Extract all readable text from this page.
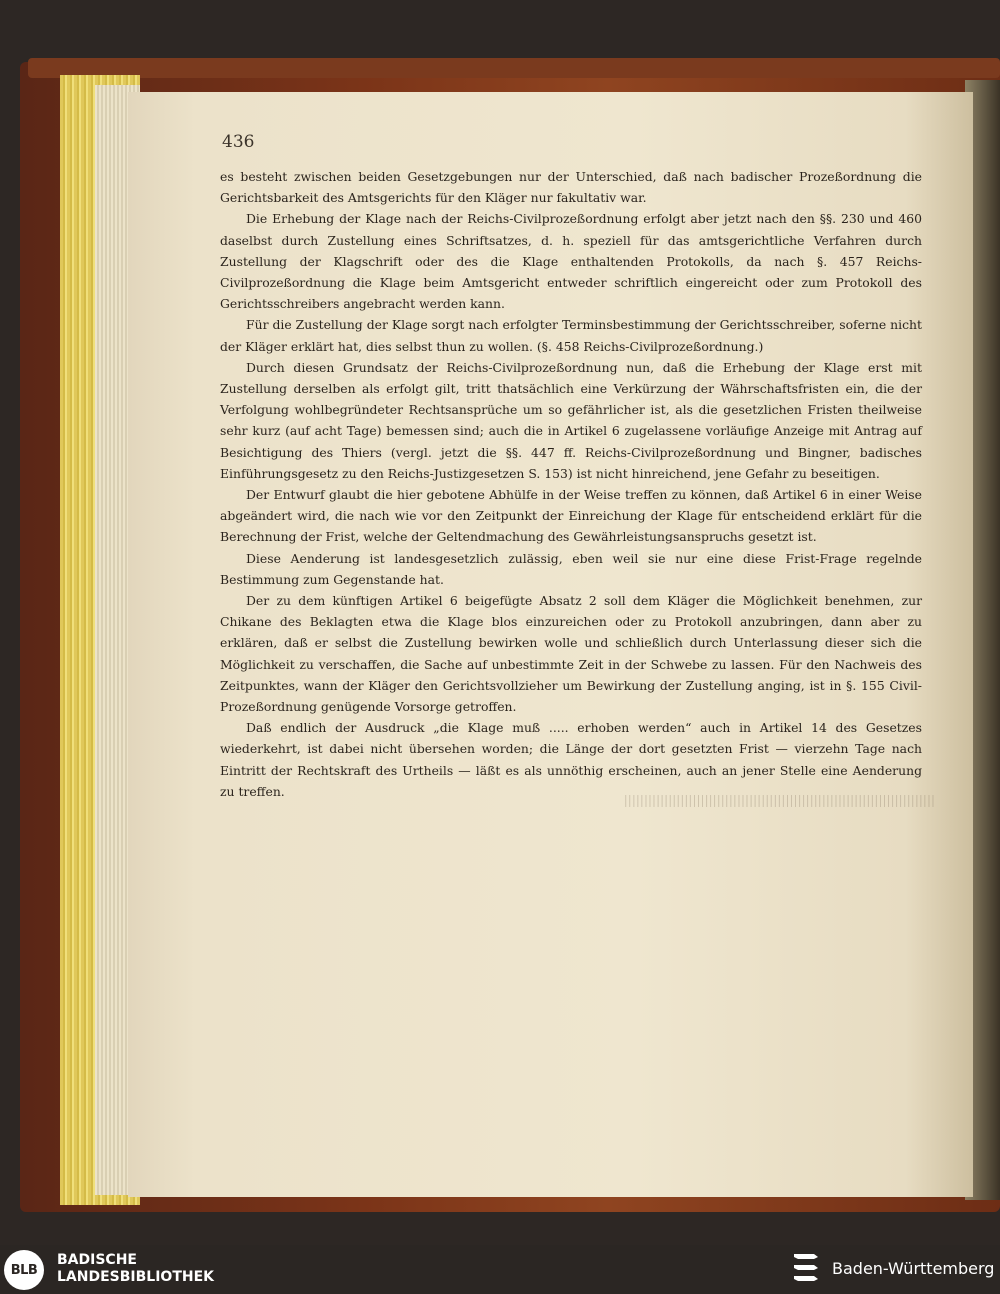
|||||||||||||||||||||||||||||||||||||||||||||||||||||||||||||||||||||||||||||
436

es besteht zwischen beiden Gesetzgebungen nur der Unterschied, daß nach badischer Prozeßordnung die Gerichtsbarkeit des Amtsgerichts für den Kläger nur fakultativ war.

Die Erhebung der Klage nach der Reichs-Civilprozeßordnung erfolgt aber jetzt nach den §§. 230 und 460 daselbst durch Zustellung eines Schriftsatzes, d. h. speziell für das amtsgerichtliche Verfahren durch Zustellung der Klagschrift oder des die Klage enthaltenden Protokolls, da nach §. 457 Reichs-Civilprozeßordnung die Klage beim Amtsgericht entweder schriftlich eingereicht oder zum Protokoll des Gerichtsschreibers angebracht werden kann.

Für die Zustellung der Klage sorgt nach erfolgter Terminsbestimmung der Gerichtsschreiber, soferne nicht der Kläger erklärt hat, dies selbst thun zu wollen. (§. 458 Reichs-Civilprozeßordnung.)

Durch diesen Grundsatz der Reichs-Civilprozeßordnung nun, daß die Erhebung der Klage erst mit Zustellung derselben als erfolgt gilt, tritt thatsächlich eine Verkürzung der Währschaftsfristen ein, die der Verfolgung wohlbegründeter Rechtsansprüche um so gefährlicher ist, als die gesetzlichen Fristen theilweise sehr kurz (auf acht Tage) bemessen sind; auch die in Artikel 6 zugelassene vorläufige Anzeige mit Antrag auf Besichtigung des Thiers (vergl. jetzt die §§. 447 ff. Reichs-Civilprozeßordnung und Bingner, badisches Einführungsgesetz zu den Reichs-Justizgesetzen S. 153) ist nicht hinreichend, jene Gefahr zu beseitigen.

Der Entwurf glaubt die hier gebotene Abhülfe in der Weise treffen zu können, daß Artikel 6 in einer Weise abgeändert wird, die nach wie vor den Zeitpunkt der Einreichung der Klage für entscheidend erklärt für die Berechnung der Frist, welche der Geltendmachung des Gewährleistungsanspruchs gesetzt ist.

Diese Aenderung ist landesgesetzlich zulässig, eben weil sie nur eine diese Frist-Frage regelnde Bestimmung zum Gegenstande hat.

Der zu dem künftigen Artikel 6 beigefügte Absatz 2 soll dem Kläger die Möglichkeit benehmen, zur Chikane des Beklagten etwa die Klage blos einzureichen oder zu Protokoll anzubringen, dann aber zu erklären, daß er selbst die Zustellung bewirken wolle und schließlich durch Unterlassung dieser sich die Möglichkeit zu verschaffen, die Sache auf unbestimmte Zeit in der Schwebe zu lassen. Für den Nachweis des Zeitpunktes, wann der Kläger den Gerichtsvollzieher um Bewirkung der Zustellung anging, ist in §. 155 Civil-Prozeßordnung genügende Vorsorge getroffen.

Daß endlich der Ausdruck „die Klage muß ..... erhoben werden“ auch in Artikel 14 des Gesetzes wiederkehrt, ist dabei nicht übersehen worden; die Länge der dort gesetzten Frist — vierzehn Tage nach Eintritt der Rechtskraft des Urtheils — läßt es als unnöthig erscheinen, auch an jener Stelle eine Aenderung zu treffen.

BLB
BADISCHE
LANDESBIBLIOTHEK	Baden-Württemberg
